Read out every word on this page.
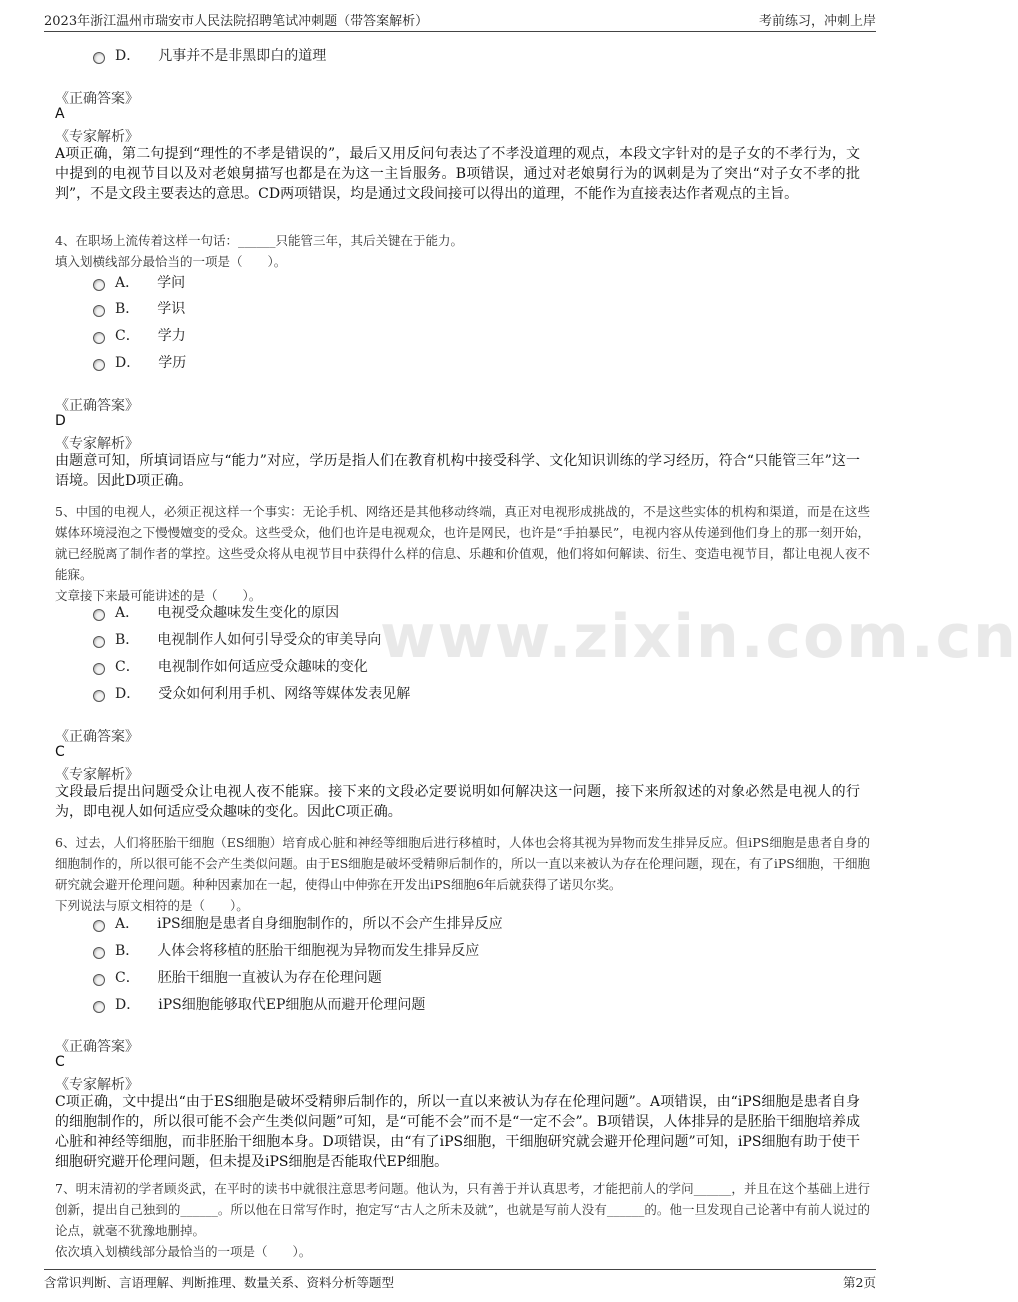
2023年浙江温州市瑞安市人民法院招聘笔试冲刺题（带答案解析）	考前练习，冲刺上岸
www.zixin.com.cn
D． 凡事并不是非黑即白的道理
《正确答案》
A
《专家解析》
A项正确，第二句提到“理性的不孝是错误的”，最后又用反问句表达了不孝没道理的观点，本段文字针对的是子女的不孝行为，文中提到的电视节目以及对老娘舅描写也都是在为这一主旨服务。B项错误，通过对老娘舅行为的讽刺是为了突出“对子女不孝的批判”，不是文段主要表达的意思。CD两项错误，均是通过文段间接可以得出的道理，不能作为直接表达作者观点的主旨。
4、在职场上流传着这样一句话：______只能管三年，其后关键在于能力。
填入划横线部分最恰当的一项是（　　）。
A． 学问
B． 学识
C． 学力
D． 学历
《正确答案》
D
《专家解析》
由题意可知，所填词语应与“能力”对应，学历是指人们在教育机构中接受科学、文化知识训练的学习经历，符合“只能管三年”这一语境。因此D项正确。
5、中国的电视人，必须正视这样一个事实：无论手机、网络还是其他移动终端，真正对电视形成挑战的，不是这些实体的机构和渠道，而是在这些媒体环境浸泡之下慢慢嬗变的受众。这些受众，他们也许是电视观众，也许是网民，也许是“手拍暴民”，电视内容从传递到他们身上的那一刻开始，就已经脱离了制作者的掌控。这些受众将从电视节目中获得什么样的信息、乐趣和价值观，他们将如何解读、衍生、变造电视节目，都让电视人夜不能寐。
文章接下来最可能讲述的是（　　）。
A． 电视受众趣味发生变化的原因
B． 电视制作人如何引导受众的审美导向
C． 电视制作如何适应受众趣味的变化
D． 受众如何利用手机、网络等媒体发表见解
《正确答案》
C
《专家解析》
文段最后提出问题受众让电视人夜不能寐。接下来的文段必定要说明如何解决这一问题，接下来所叙述的对象必然是电视人的行为，即电视人如何适应受众趣味的变化。因此C项正确。
6、过去，人们将胚胎干细胞（ES细胞）培育成心脏和神经等细胞后进行移植时，人体也会将其视为异物而发生排异反应。但iPS细胞是患者自身的细胞制作的，所以很可能不会产生类似问题。由于ES细胞是破坏受精卵后制作的，所以一直以来被认为存在伦理问题，现在，有了iPS细胞，干细胞研究就会避开伦理问题。种种因素加在一起，使得山中伸弥在开发出iPS细胞6年后就获得了诺贝尔奖。
下列说法与原文相符的是（　　）。
A． iPS细胞是患者自身细胞制作的，所以不会产生排异反应
B． 人体会将移植的胚胎干细胞视为异物而发生排异反应
C． 胚胎干细胞一直被认为存在伦理问题
D． iPS细胞能够取代EP细胞从而避开伦理问题
《正确答案》
C
《专家解析》
C项正确，文中提出“由于ES细胞是破坏受精卵后制作的，所以一直以来被认为存在伦理问题”。A项错误，由“iPS细胞是患者自身的细胞制作的，所以很可能不会产生类似问题”可知，是“可能不会”而不是“一定不会”。B项错误，人体排异的是胚胎干细胞培养成心脏和神经等细胞，而非胚胎干细胞本身。D项错误，由“有了iPS细胞，干细胞研究就会避开伦理问题”可知，iPS细胞有助于使干细胞研究避开伦理问题，但未提及iPS细胞是否能取代EP细胞。
7、明末清初的学者顾炎武，在平时的读书中就很注意思考问题。他认为，只有善于并认真思考，才能把前人的学问______，并且在这个基础上进行创新，提出自己独到的______。所以他在日常写作时，抱定写“古人之所未及就”，也就是写前人没有______的。他一旦发现自己论著中有前人说过的论点，就毫不犹豫地删掉。
依次填入划横线部分最恰当的一项是（　　）。
含常识判断、言语理解、判断推理、数量关系、资料分析等题型	第2页
